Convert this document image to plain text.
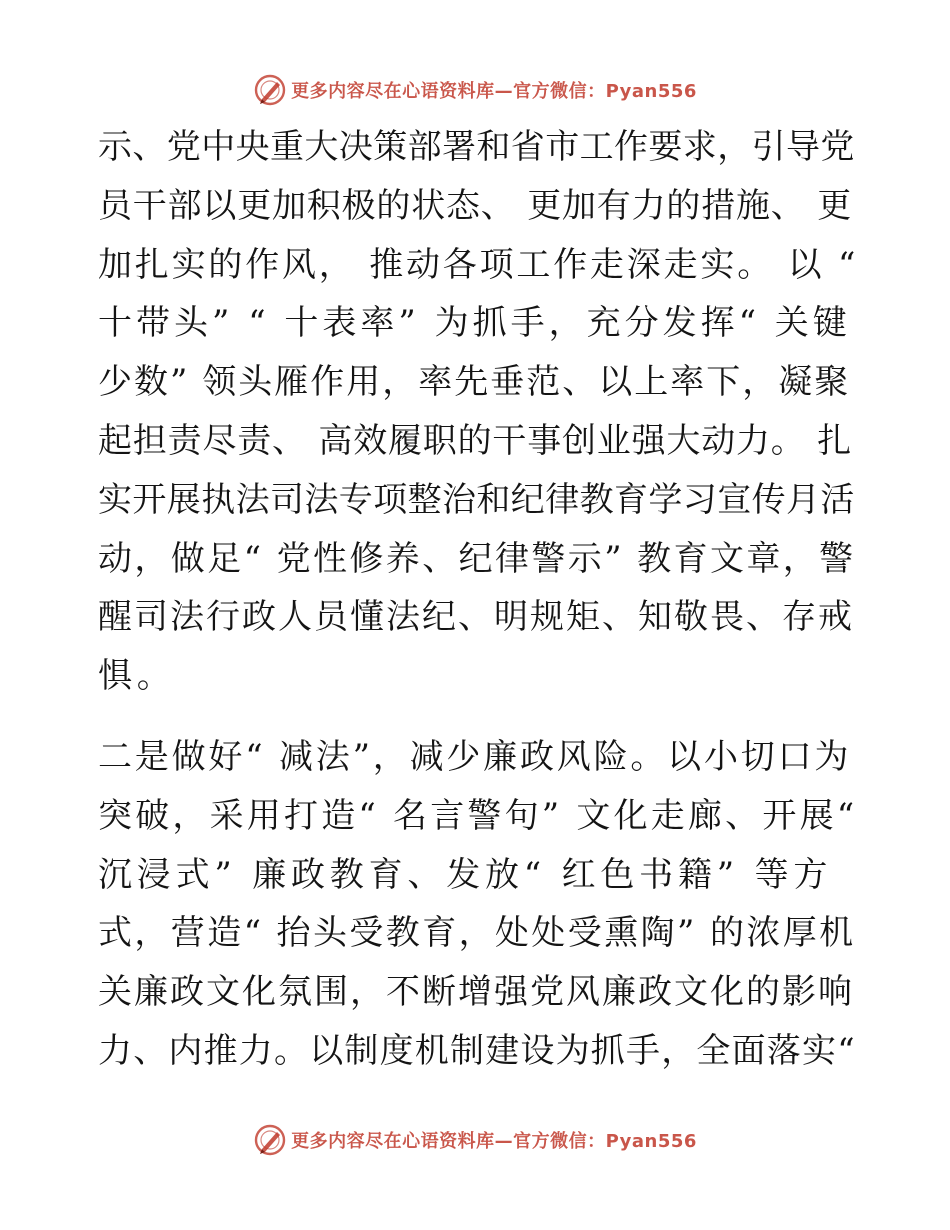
更多内容尽在心语资料库—官方微信：Pyan556
示、党中央重大决策部署和省市工作要求，引导党
员干部以更加积极的状态、 更加有力的措施、 更
加扎实的作风， 推动各项工作走深走实。 以 “
十带头” “ 十表率” 为抓手，充分发挥“ 关键
少数” 领头雁作用，率先垂范、以上率下，凝聚
起担责尽责、 高效履职的干事创业强大动力。 扎
实开展执法司法专项整治和纪律教育学习宣传月活
动，做足“ 党性修养、纪律警示” 教育文章，警
醒司法行政人员懂法纪、明规矩、知敬畏、存戒
惧。
二是做好“ 减法”，减少廉政风险。以小切口为
突破，采用打造“ 名言警句” 文化走廊、开展“
沉浸式” 廉政教育、发放“ 红色书籍” 等方
式，营造“ 抬头受教育，处处受熏陶” 的浓厚机
关廉政文化氛围，不断增强党风廉政文化的影响
力、内推力。以制度机制建设为抓手，全面落实“
更多内容尽在心语资料库—官方微信：Pyan556
